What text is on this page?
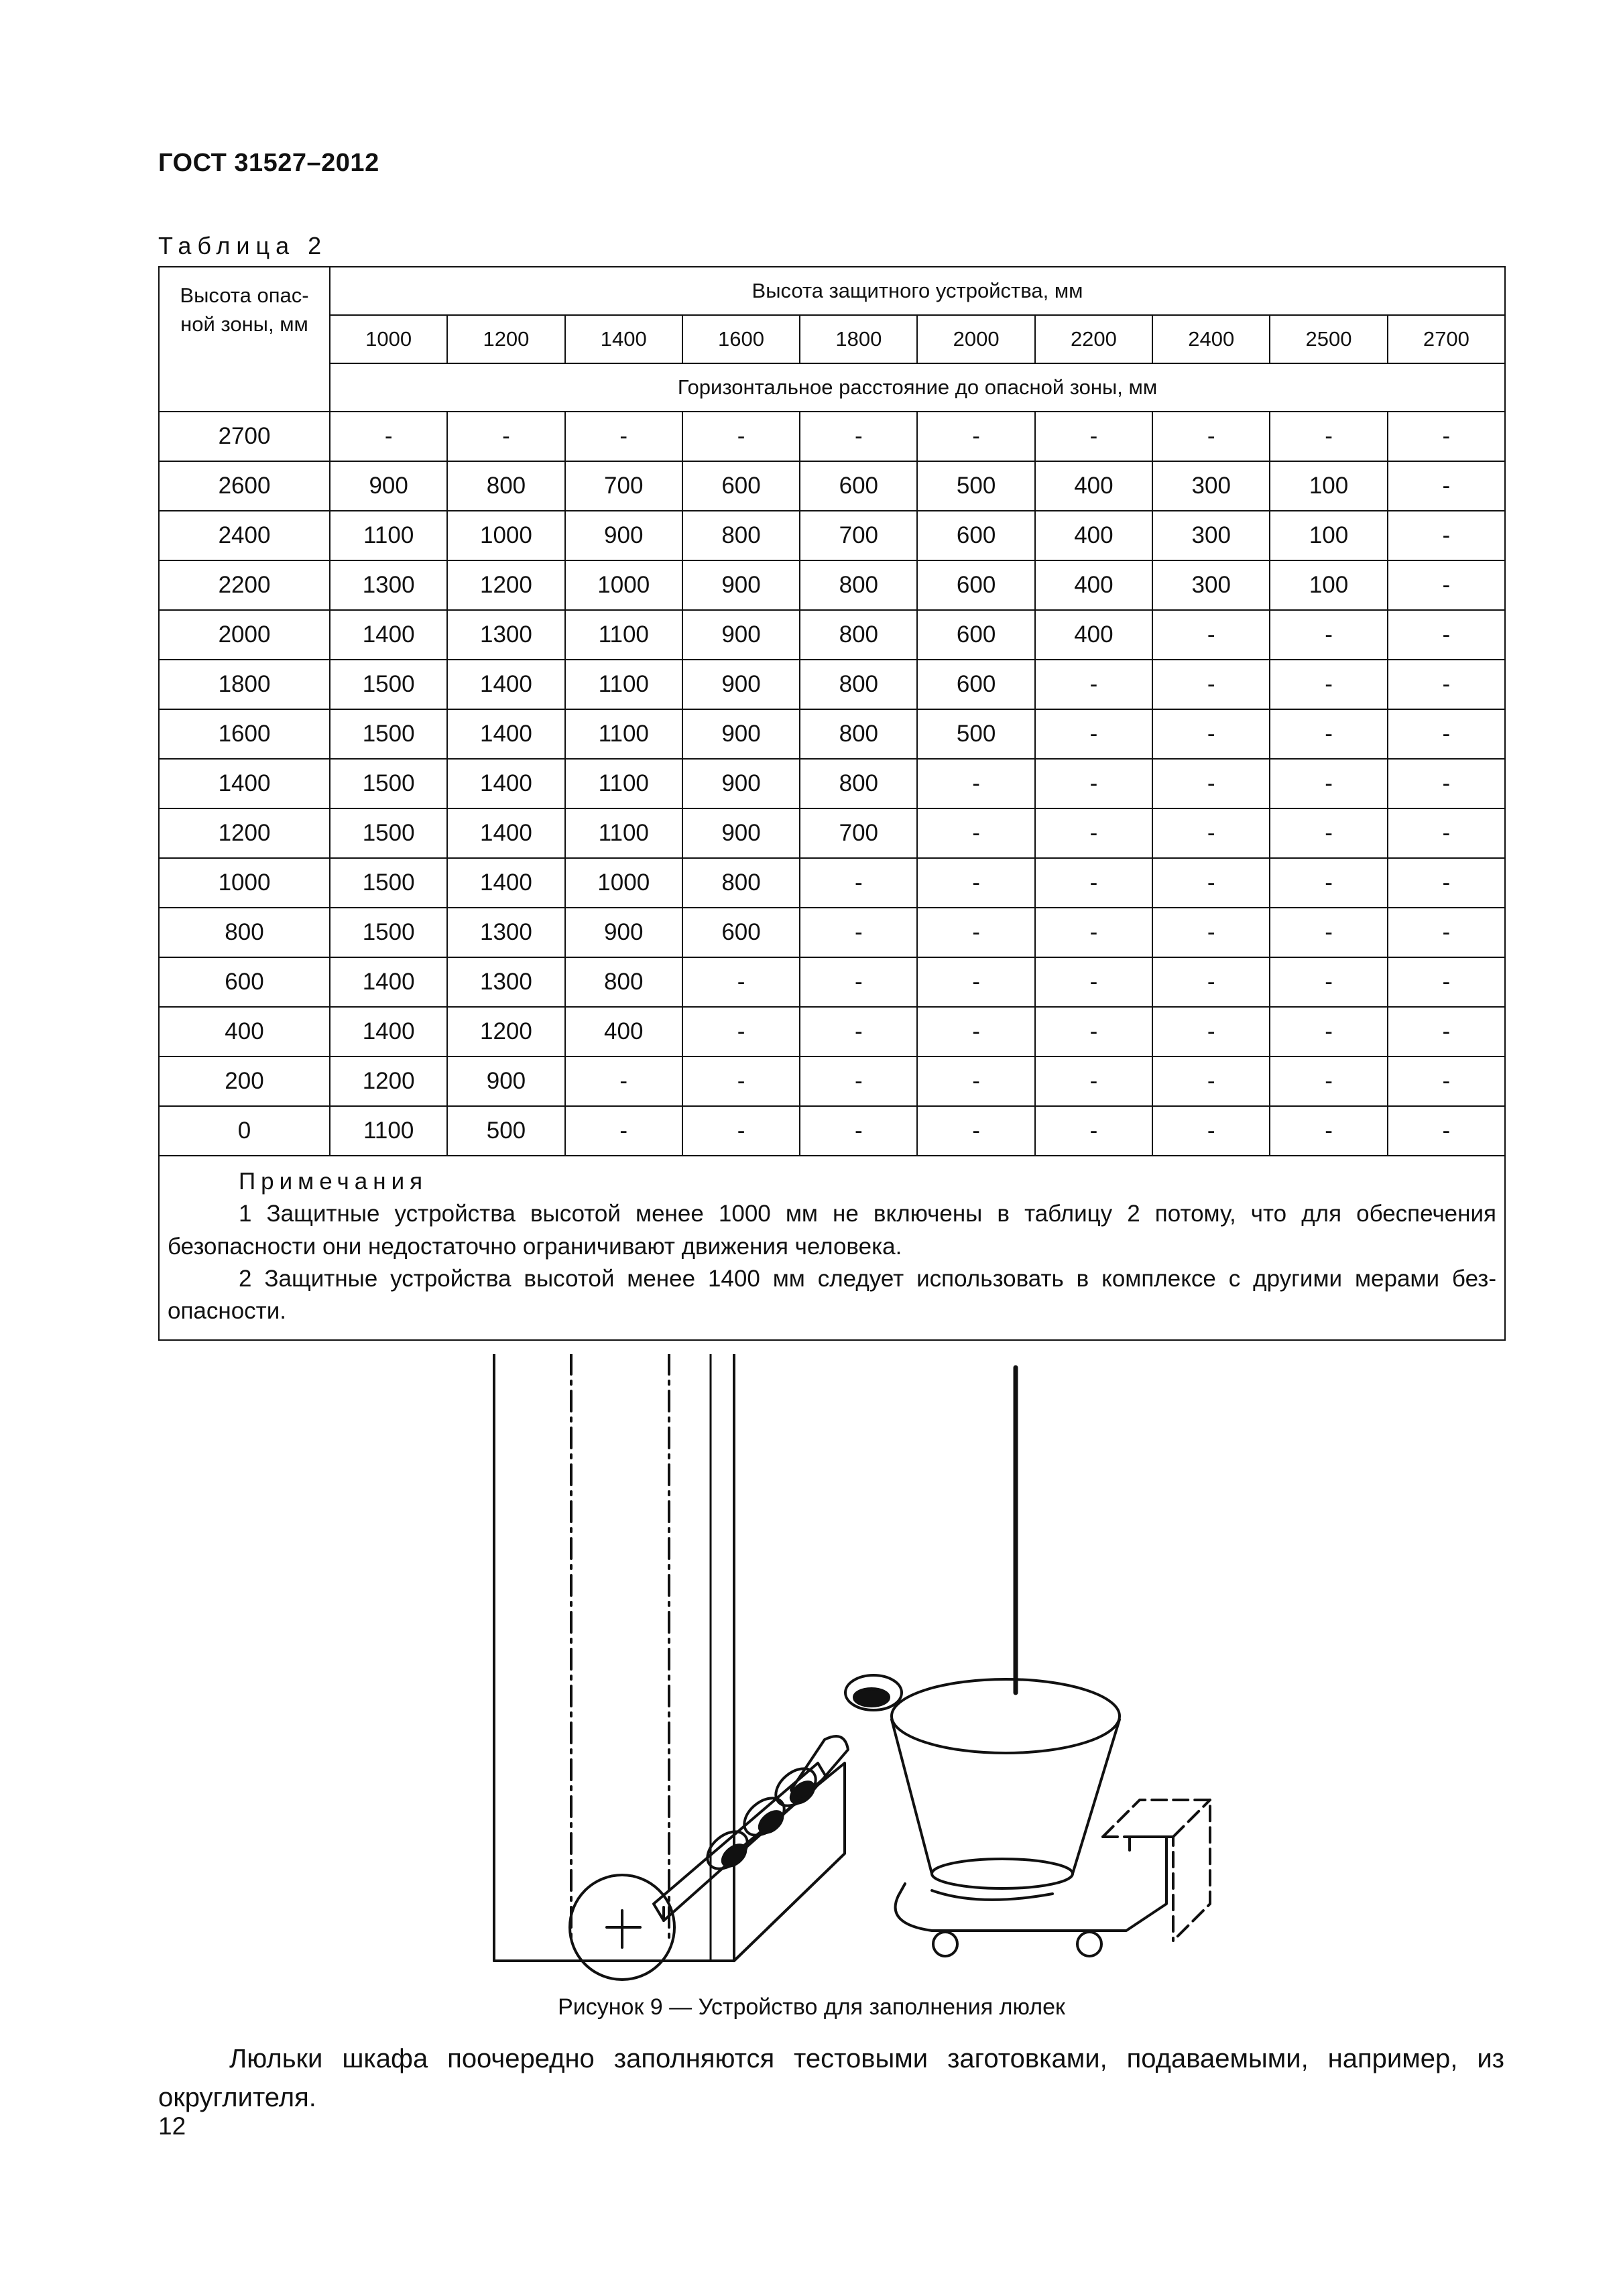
ГОСТ 31527–2012
Таблица 2
Высота опас-
ной зоны, мм	Высота защитного устройства, мм									
	1000	1200	1400	1600	1800	2000	2200	2400	2500	2700
	Горизонтальное расстояние до опасной зоны, мм									
2700	-	-	-	-	-	-	-	-	-	-
2600	900	800	700	600	600	500	400	300	100	-
2400	1100	1000	900	800	700	600	400	300	100	-
2200	1300	1200	1000	900	800	600	400	300	100	-
2000	1400	1300	1100	900	800	600	400	-	-	-
1800	1500	1400	1100	900	800	600	-	-	-	-
1600	1500	1400	1100	900	800	500	-	-	-	-
1400	1500	1400	1100	900	800	-	-	-	-	-
1200	1500	1400	1100	900	700	-	-	-	-	-
1000	1500	1400	1000	800	-	-	-	-	-	-
800	1500	1300	900	600	-	-	-	-	-	-
600	1400	1300	800	-	-	-	-	-	-	-
400	1400	1200	400	-	-	-	-	-	-	-
200	1200	900	-	-	-	-	-	-	-	-
0	1100	500	-	-	-	-	-	-	-	-

Примечания
1 Защитные устройства высотой менее 1000 мм не включены в таблицу 2 потому, что для обеспечения безопасности они недостаточно ограничивают движения человека.
2 Защитные устройства высотой менее 1400 мм следует использовать в комплексе с другими мерами без-опасности.										
Рисунок 9 — Устройство для заполнения люлек
Люльки шкафа поочередно заполняются тестовыми заготовками, подаваемыми, например, из округлителя.
12
